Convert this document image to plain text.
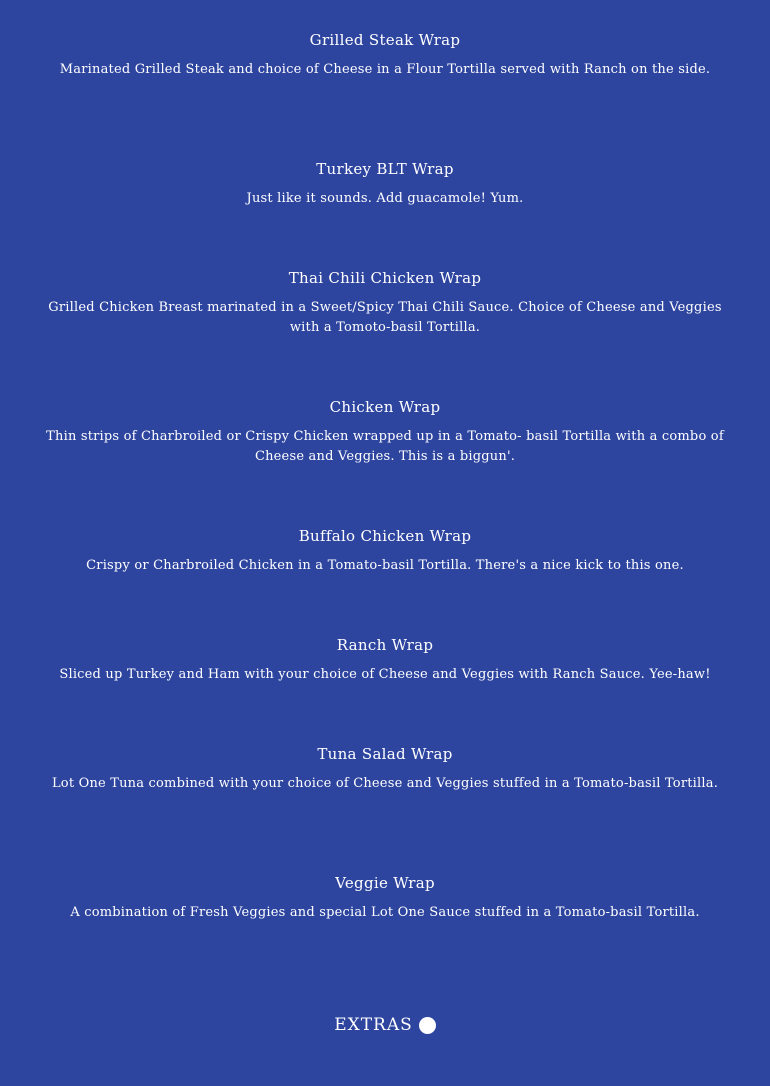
Grilled Steak Wrap

Marinated Grilled Steak and choice of Cheese in a Flour Tortilla served with Ranch on the side.

Turkey BLT Wrap

Just like it sounds. Add guacamole! Yum.

Thai Chili Chicken Wrap

Grilled Chicken Breast marinated in a Sweet/Spicy Thai Chili Sauce. Choice of Cheese and Veggies with a Tomoto-basil Tortilla.

Chicken Wrap

Thin strips of Charbroiled or Crispy Chicken wrapped up in a Tomato- basil Tortilla with a combo of Cheese and Veggies. This is a biggun'.

Buffalo Chicken Wrap

Crispy or Charbroiled Chicken in a Tomato-basil Tortilla. There's a nice kick to this one.

Ranch Wrap

Sliced up Turkey and Ham with your choice of Cheese and Veggies with Ranch Sauce. Yee-haw!

Tuna Salad Wrap

Lot One Tuna combined with your choice of Cheese and Veggies stuffed in a Tomato-basil Tortilla.

Veggie Wrap

A combination of Fresh Veggies and special Lot One Sauce stuffed in a Tomato-basil Tortilla.

EXTRAS
